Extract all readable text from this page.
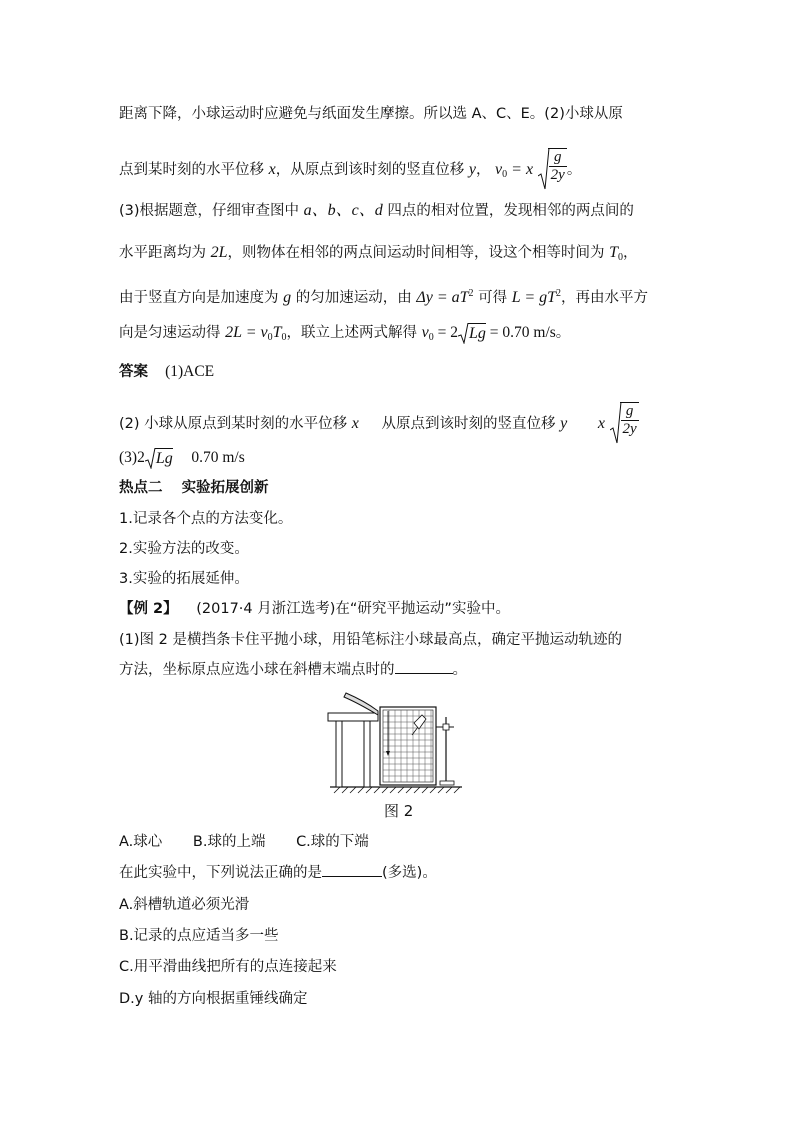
距离下降，小球运动时应避免与纸面发生摩擦。所以选 A、C、E。(2)小球从原
点到某时刻的水平位移 x，从原点到该时刻的竖直位移 y， $v_0 = x \frac{g}{2y}$ 。
(3)根据题意，仔细审查图中 a、b、c、d 四点的相对位置，发现相邻的两点间的
水平距离均为 2L，则物体在相邻的两点间运动时间相等，设这个相等时间为 $T_0$，
由于竖直方向是加速度为 g 的匀加速运动，由 $\Delta y = aT^2$ 可得 $L = gT^2$，再由水平方
向是匀速运动得 $2L = v_0T_0$，联立上述两式解得 $v_0 = 2$ Lg = 0.70 m/s。
答案 (1)ACE
(2) 小球从原点到某时刻的水平位移 x 从原点到该时刻的竖直位移 y x $\frac{g}{2y}$
(3)2 Lg 0.70 m/s
热点二 实验拓展创新
1.记录各个点的方法变化。
2.实验方法的改变。
3.实验的拓展延伸。
【例 2】 (2017·4 月浙江选考)在“研究平抛运动”实验中。
(1)图 2 是横挡条卡住平抛小球，用铅笔标注小球最高点，确定平抛运动轨迹的
方法，坐标原点应选小球在斜槽末端点时的	。
图 2
A.球心 B.球的上端 C.球的下端
在此实验中，下列说法正确的是	(多选)。
A.斜槽轨道必须光滑
B.记录的点应适当多一些
C.用平滑曲线把所有的点连接起来
D.y 轴的方向根据重锤线确定
